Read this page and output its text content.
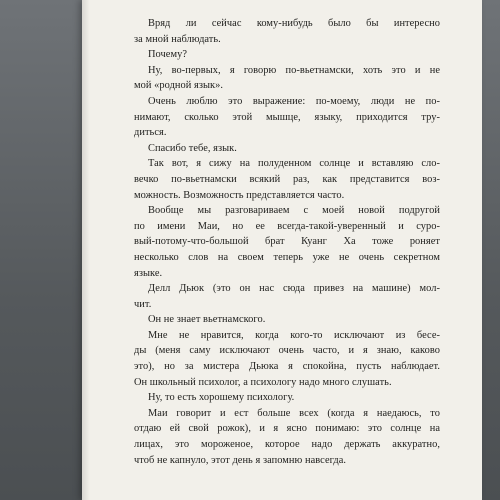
Вряд ли сейчас кому-нибудь было бы интересно
за мной наблюдать.
Почему?
Ну, во-первых, я говорю по-вьетнамски, хоть это и не
мой «родной язык».
Очень люблю это выражение: по-моему, люди не по-
нимают, сколько этой мышце, языку, приходится тру-
диться.
Спасибо тебе, язык.
Так вот, я сижу на полуденном солнце и вставляю сло-
вечко по-вьетнамски всякий раз, как представится воз-
можность. Возможность представляется часто.
Вообще мы разговариваем с моей новой подругой
по имени Маи, но ее всегда-такой-уверенный и суро-
вый-потому-что-большой брат Куанг Ха тоже роняет
несколько слов на своем теперь уже не очень секретном
языке.
Делл Дьюк (это он нас сюда привез на машине) мол-
чит.
Он не знает вьетнамского.
Мне не нравится, когда кого-то исключают из бесе-
ды (меня саму исключают очень часто, и я знаю, каково
это), но за мистера Дьюка я спокойна, пусть наблюдает.
Он школьный психолог, а психологу надо много слушать.
Ну, то есть хорошему психологу.
Маи говорит и ест больше всех (когда я наедаюсь, то
отдаю ей свой рожок), и я ясно понимаю: это солнце на
лицах, это мороженое, которое надо держать аккуратно,
чтоб не капнуло, этот день я запомню навсегда.
